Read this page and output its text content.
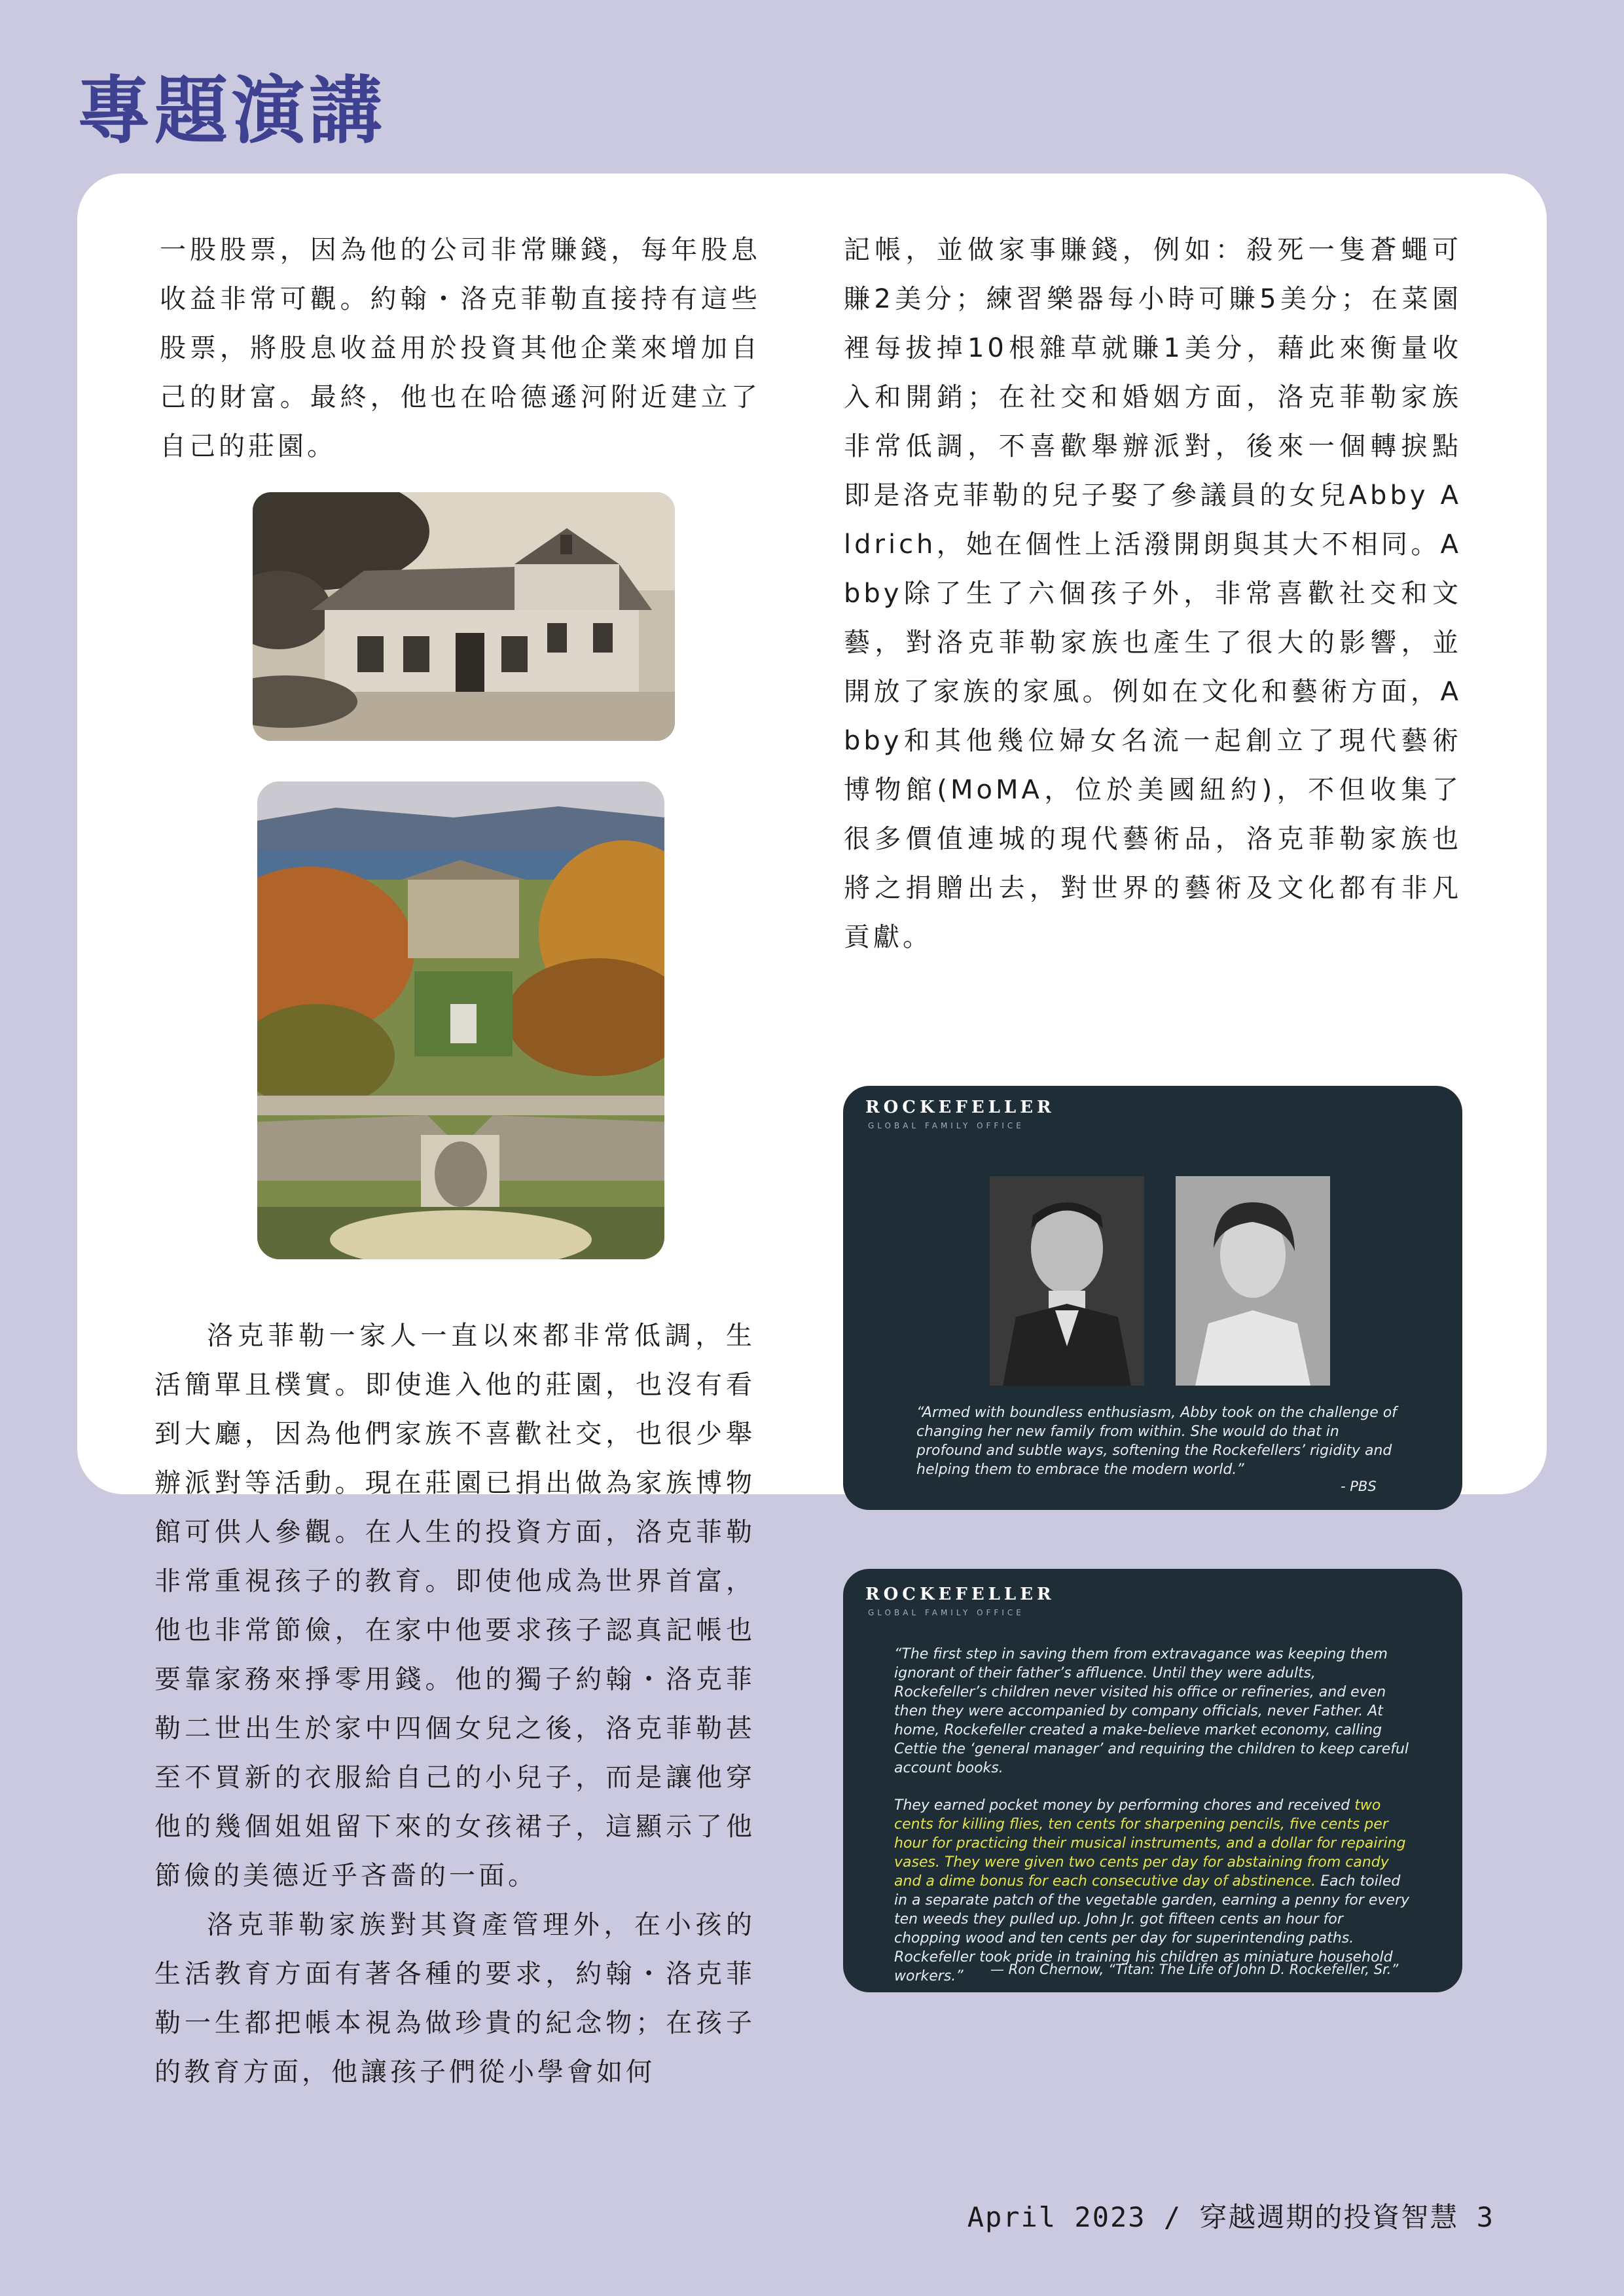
專題演講

一股股票，因為他的公司非常賺錢，每年股息收益非常可觀。約翰・洛克菲勒直接持有這些股票，將股息收益用於投資其他企業來增加自己的財富。最終，他也在哈德遜河附近建立了自己的莊園。

洛克菲勒一家人一直以來都非常低調，生活簡單且樸實。即使進入他的莊園，也沒有看到大廳，因為他們家族不喜歡社交，也很少舉辦派對等活動。現在莊園已捐出做為家族博物館可供人參觀。在人生的投資方面，洛克菲勒非常重視孩子的教育。即使他成為世界首富，他也非常節儉，在家中他要求孩子認真記帳也要靠家務來掙零用錢。他的獨子約翰・洛克菲勒二世出生於家中四個女兒之後，洛克菲勒甚至不買新的衣服給自己的小兒子，而是讓他穿他的幾個姐姐留下來的女孩裙子，這顯示了他節儉的美德近乎吝嗇的一面。

洛克菲勒家族對其資產管理外，在小孩的生活教育方面有著各種的要求，約翰・洛克菲勒一生都把帳本視為做珍貴的紀念物；在孩子的教育方面，他讓孩子們從小學會如何

記帳，並做家事賺錢，例如：殺死一隻蒼蠅可賺2美分；練習樂器每小時可賺5美分；在菜園裡每拔掉10根雜草就賺1美分，藉此來衡量收入和開銷；在社交和婚姻方面，洛克菲勒家族非常低調，不喜歡舉辦派對，後來一個轉捩點即是洛克菲勒的兒子娶了參議員的女兒Abby Aldrich，她在個性上活潑開朗與其大不相同。Abby除了生了六個孩子外，非常喜歡社交和文藝，對洛克菲勒家族也產生了很大的影響，並開放了家族的家風。例如在文化和藝術方面，Abby和其他幾位婦女名流一起創立了現代藝術博物館(MoMA，位於美國紐約)，不但收集了很多價值連城的現代藝術品，洛克菲勒家族也將之捐贈出去，對世界的藝術及文化都有非凡貢獻。

ROCKEFELLER
GLOBAL FAMILY OFFICE
“Armed with boundless enthusiasm, Abby took on the challenge of changing her new family from within. She would do that in profound and subtle ways, softening the Rockefellers’ rigidity and helping them to embrace the modern world.”
- PBS
ROCKEFELLER
GLOBAL FAMILY OFFICE

“The first step in saving them from extravagance was keeping them ignorant of their father’s affluence. Until they were adults, Rockefeller’s children never visited his office or refineries, and even then they were accompanied by company officials, never Father. At home, Rockefeller created a make-believe market economy, calling Cettie the ‘general manager’ and requiring the children to keep careful account books.

They earned pocket money by performing chores and received two cents for killing flies, ten cents for sharpening pencils, five cents per hour for practicing their musical instruments, and a dollar for repairing vases. They were given two cents per day for abstaining from candy and a dime bonus for each consecutive day of abstinence. Each toiled in a separate patch of the vegetable garden, earning a penny for every ten weeds they pulled up. John Jr. got fifteen cents an hour for chopping wood and ten cents per day for superintending paths. Rockefeller took pride in training his children as miniature household workers.”	— Ron Chernow, “Titan: The Life of John D. Rockefeller, Sr.”
April 2023 / 穿越週期的投資智慧 3
